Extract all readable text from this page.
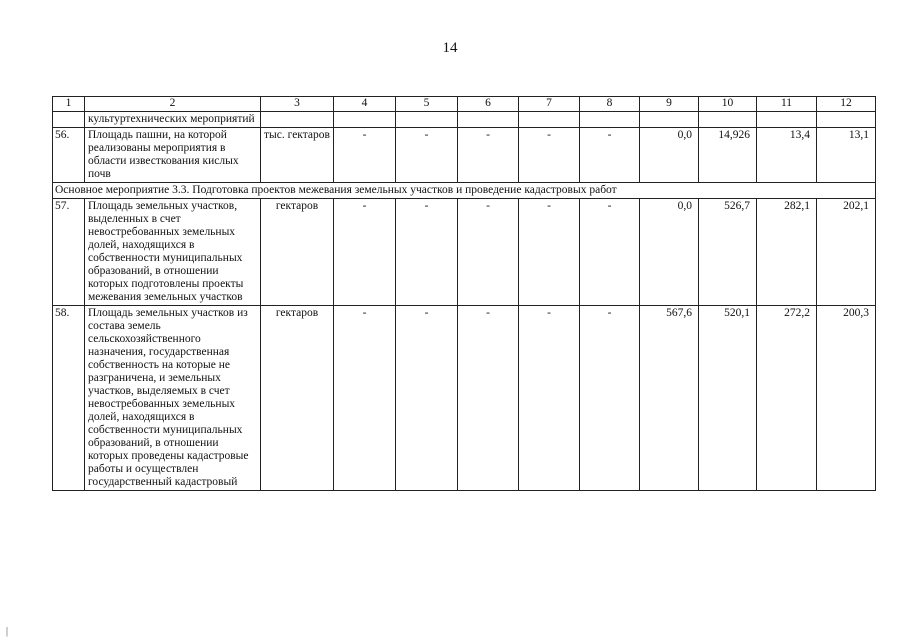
14
1	2	3	4	5	6	7	8	9	10	11	12
	культуртехнических мероприятий										
56.	Площадь пашни, на которой реализованы мероприятия в области известкования кислых почв	тыс. гектаров	-	-	-	-	-	0,0	14,926	13,4	13,1
Основное мероприятие 3.3. Подготовка проектов межевания земельных участков и проведение кадастровых работ											
57.	Площадь земельных участков, выделенных в счет невостребованных земельных долей, находящихся в собственности муниципальных образований, в отношении которых подготовлены проекты межевания земельных участков	гектаров	-	-	-	-	-	0,0	526,7	282,1	202,1
58.	Площадь земельных участков из состава земель сельскохозяйственного назначения, государственная собственность на которые не разграничена, и земельных участков, выделяемых в счет невостребованных земельных долей, находящихся в собственности муниципальных образований, в отношении которых проведены кадастровые работы и осуществлен государственный кадастровый	гектаров	-	-	-	-	-	567,6	520,1	272,2	200,3
|
